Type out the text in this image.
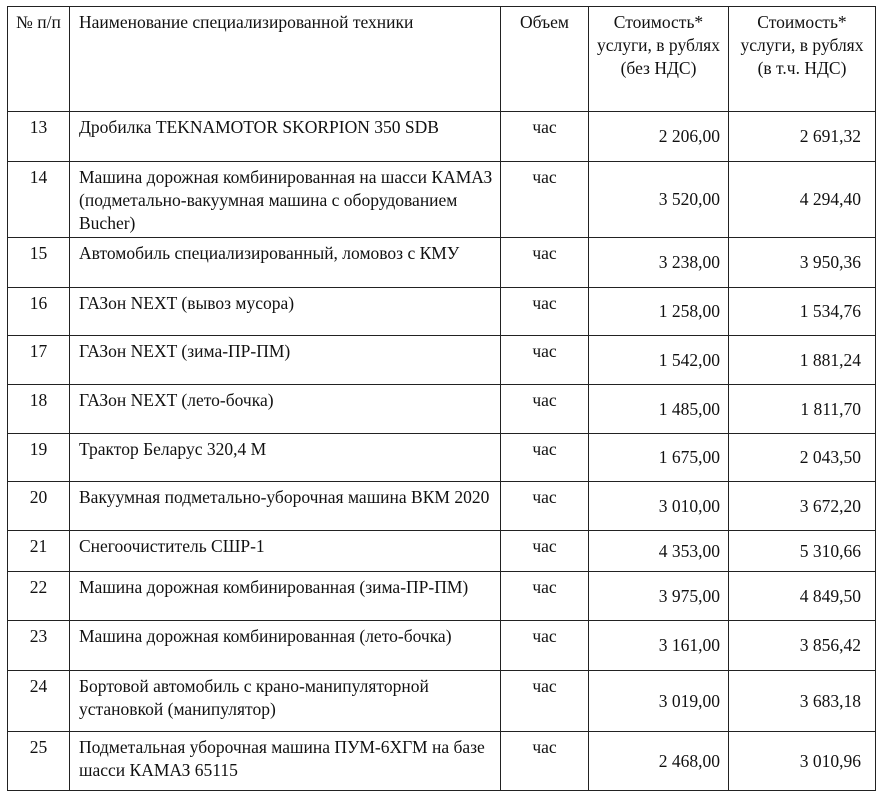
№ п/п	Наименование специализированной техники	Объем	Стоимость* услуги, в рублях (без НДС)	Стоимость* услуги, в рублях (в т.ч. НДС)
13	Дробилка TEKNAMOTOR SKORPION 350 SDB	час	2 206,00	2 691,32
14	Машина дорожная комбинированная на шасси КАМАЗ (подметально-вакуумная машина с оборудованием Bucher)	час	3 520,00	4 294,40
15	Автомобиль специализированный, ломовоз с КМУ	час	3 238,00	3 950,36
16	ГАЗон NEXT (вывоз мусора)	час	1 258,00	1 534,76
17	ГАЗон NEXT (зима-ПР-ПМ)	час	1 542,00	1 881,24
18	ГАЗон NEXT (лето-бочка)	час	1 485,00	1 811,70
19	Трактор Беларус 320,4 М	час	1 675,00	2 043,50
20	Вакуумная подметально-уборочная машина ВКМ 2020	час	3 010,00	3 672,20
21	Снегоочиститель СШР-1	час	4 353,00	5 310,66
22	Машина дорожная комбинированная (зима-ПР-ПМ)	час	3 975,00	4 849,50
23	Машина дорожная комбинированная (лето-бочка)	час	3 161,00	3 856,42
24	Бортовой автомобиль с крано-манипуляторной установкой (манипулятор)	час	3 019,00	3 683,18
25	Подметальная уборочная машина ПУМ-6ХГМ на базе шасси КАМАЗ 65115	час	2 468,00	3 010,96
